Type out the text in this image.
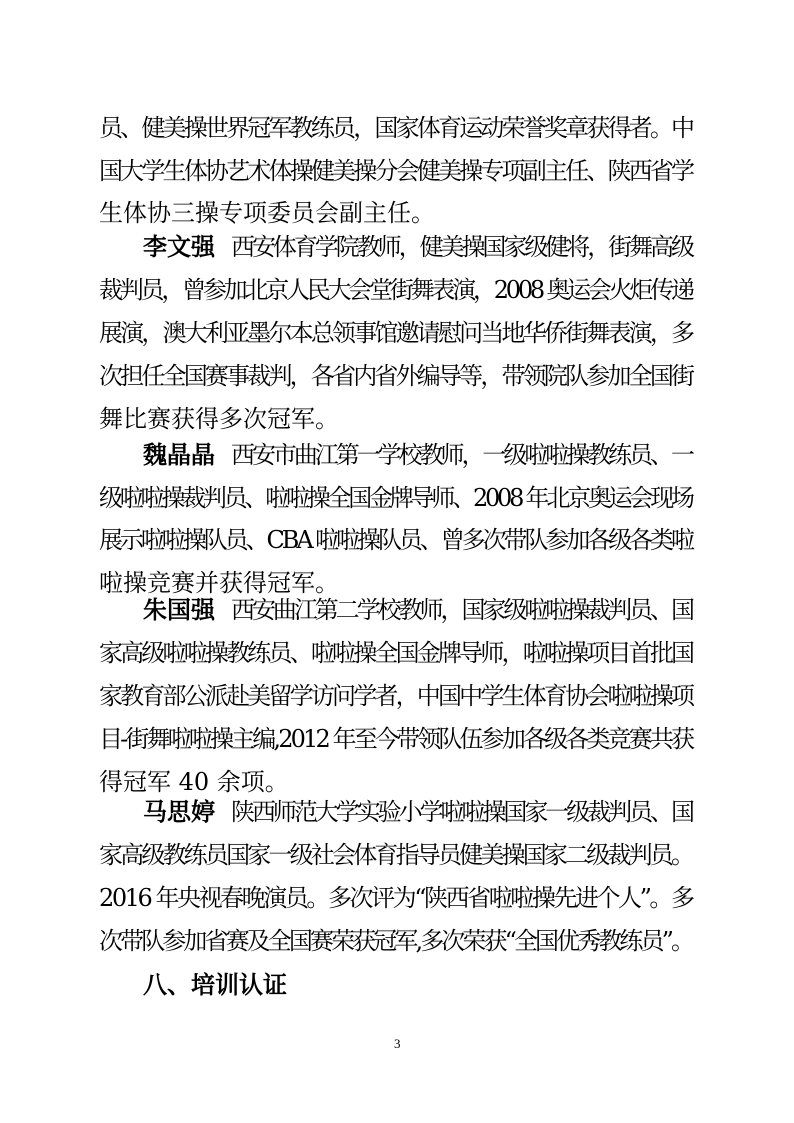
员、健美操世界冠军教练员，国家体育运动荣誉奖章获得者。中
国大学生体协艺术体操健美操分会健美操专项副主任、陕西省学
生体协三操专项委员会副主任。
李文强 西安体育学院教师，健美操国家级健将，街舞高级
裁判员，曾参加北京人民大会堂街舞表演，2008 奥运会火炬传递
展演，澳大利亚墨尔本总领事馆邀请慰问当地华侨街舞表演，多
次担任全国赛事裁判，各省内省外编导等，带领院队参加全国街
舞比赛获得多次冠军。
魏晶晶 西安市曲江第一学校教师，一级啦啦操教练员、一
级啦啦操裁判员、啦啦操全国金牌导师、2008 年北京奥运会现场
展示啦啦操队员、CBA 啦啦操队员、曾多次带队参加各级各类啦
啦操竞赛并获得冠军。
朱国强 西安曲江第二学校教师，国家级啦啦操裁判员、国
家高级啦啦操教练员、啦啦操全国金牌导师，啦啦操项目首批国
家教育部公派赴美留学访问学者，中国中学生体育协会啦啦操项
目-街舞啦啦操主编,2012 年至今带领队伍参加各级各类竞赛共获
得冠军 40 余项。
马思婷 陕西师范大学实验小学啦啦操国家一级裁判员、国
家高级教练员国家一级社会体育指导员健美操国家二级裁判员。
2016 年央视春晚演员。多次评为“陕西省啦啦操先进个人”。多
次带队参加省赛及全国赛荣获冠军,多次荣获“全国优秀教练员”。
八、培训认证
3
